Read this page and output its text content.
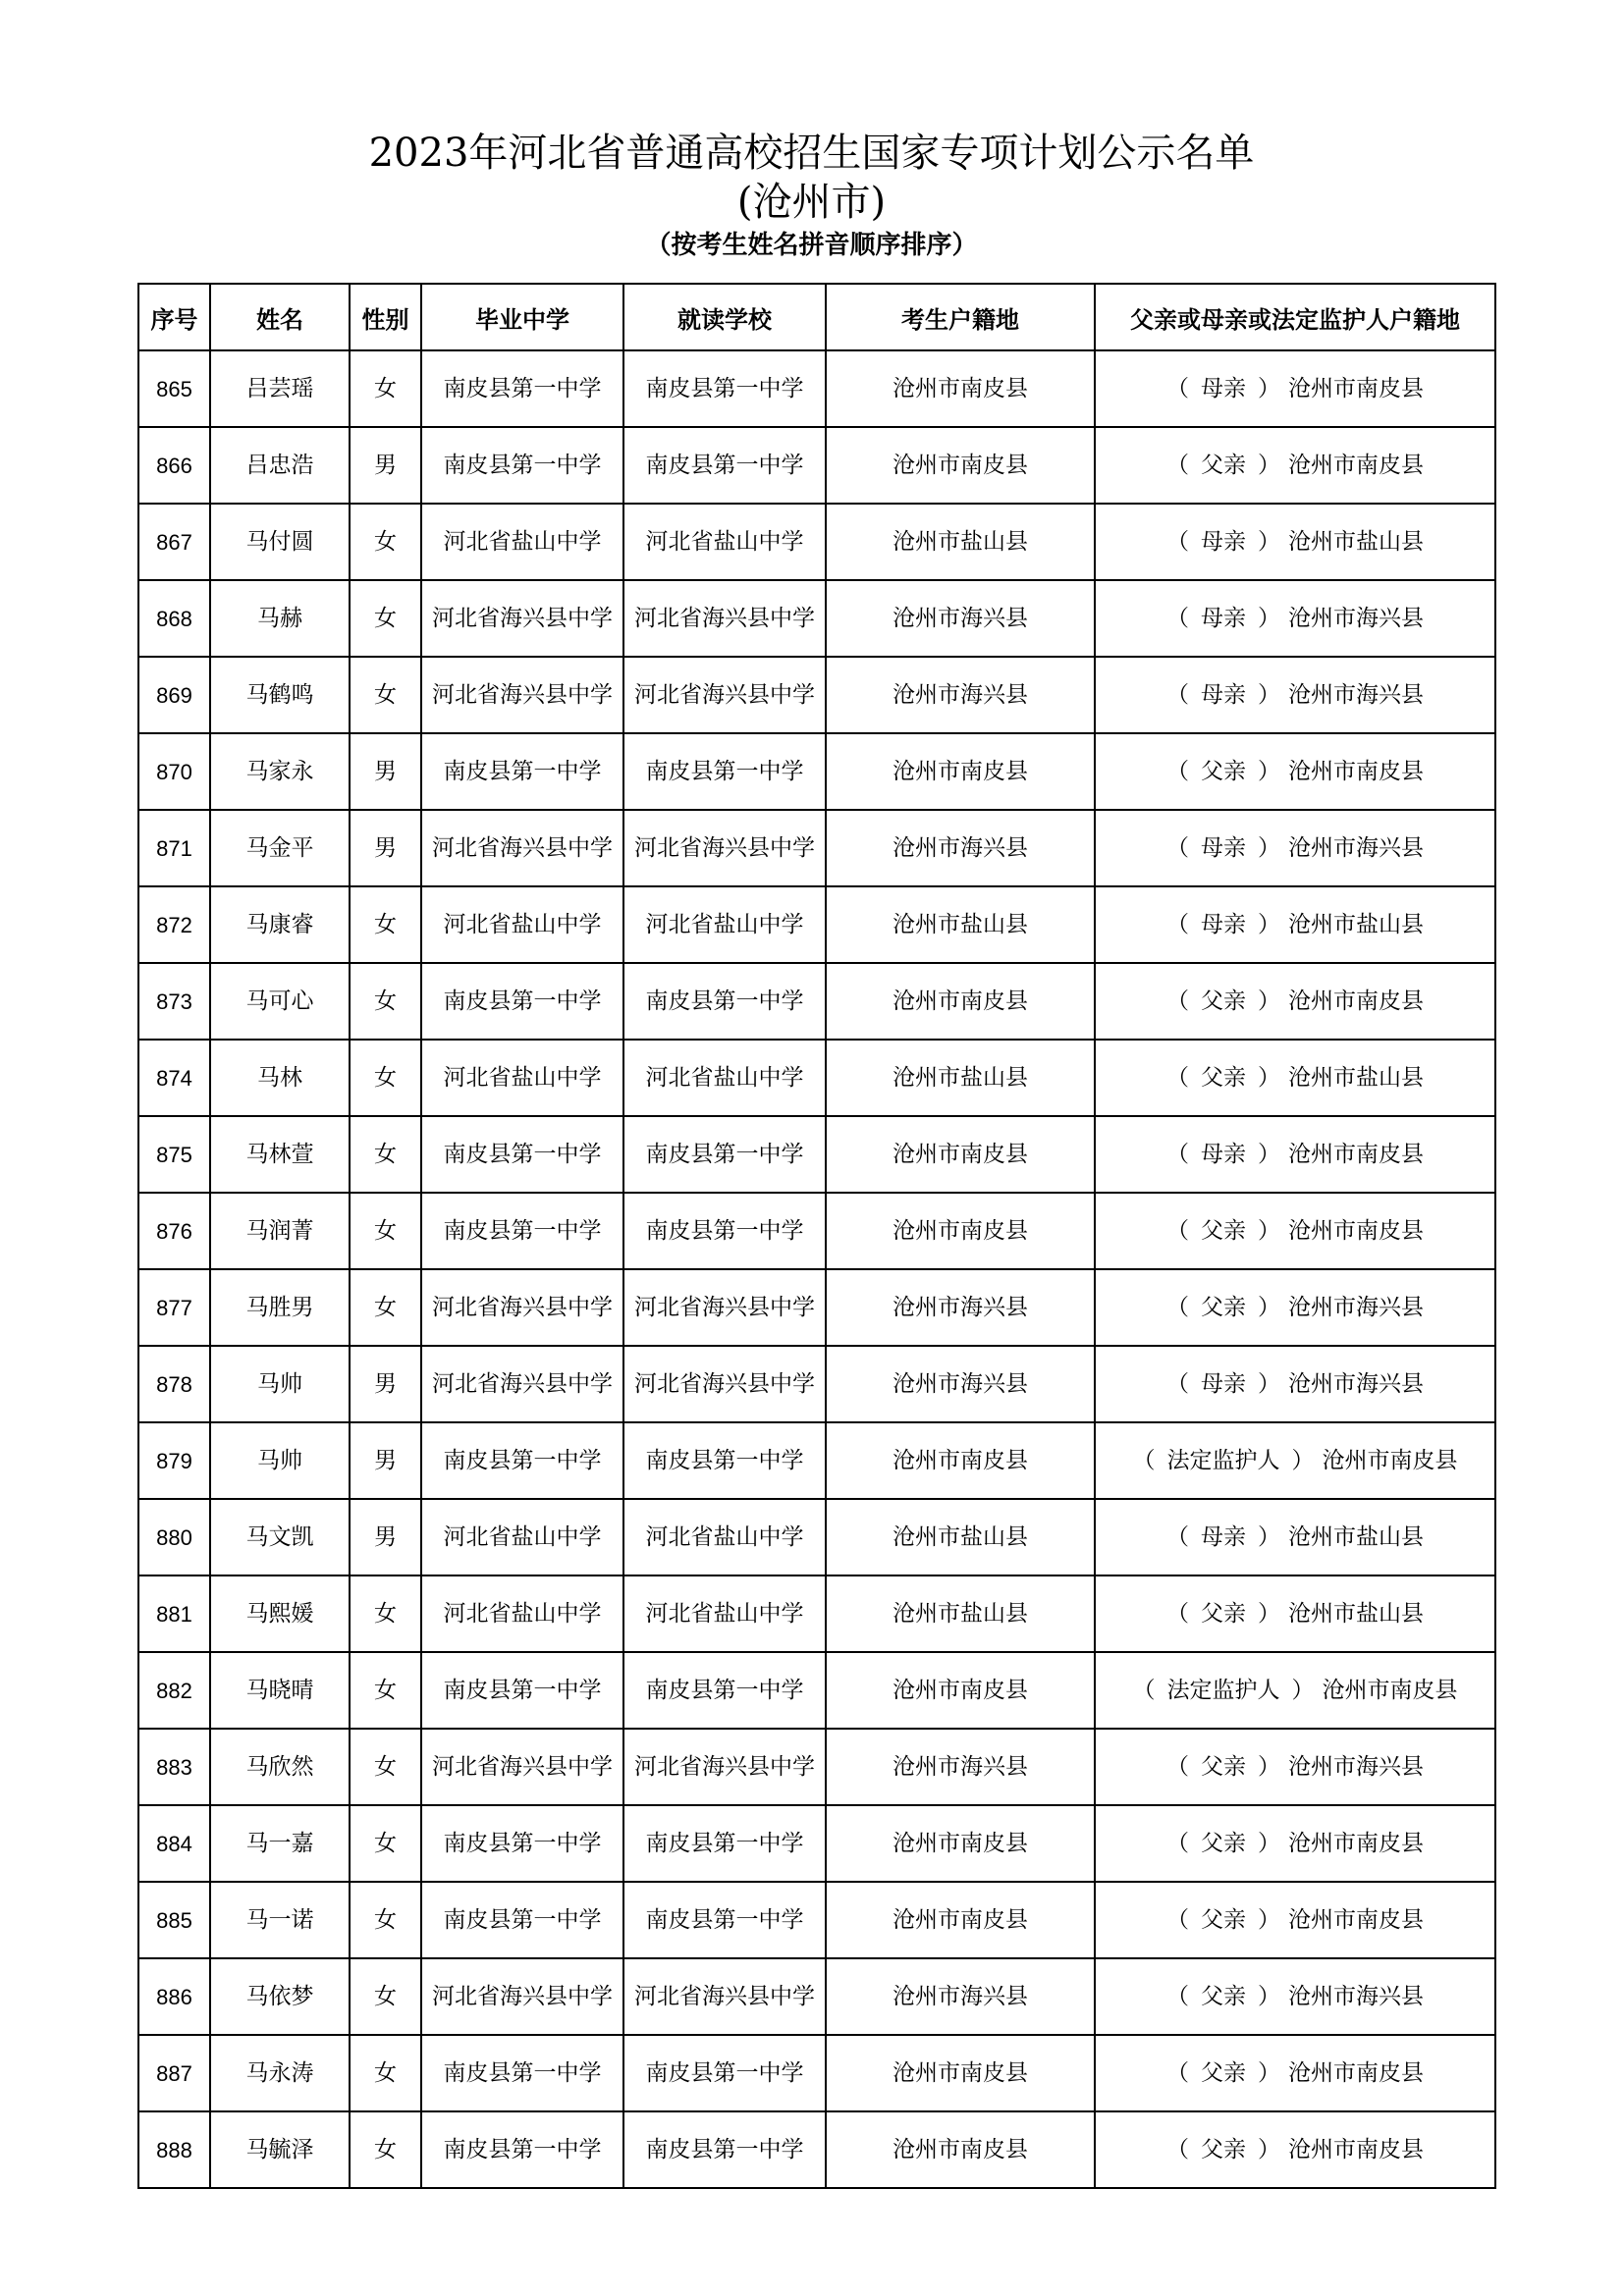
2023年河北省普通高校招生国家专项计划公示名单
(沧州市)
（按考生姓名拼音顺序排序）
序号	姓名	性别	毕业中学	就读学校	考生户籍地	父亲或母亲或法定监护人户籍地
865	吕芸瑶	女	南皮县第一中学	南皮县第一中学	沧州市南皮县	（ 母亲 ） 沧州市南皮县
866	吕忠浩	男	南皮县第一中学	南皮县第一中学	沧州市南皮县	（ 父亲 ） 沧州市南皮县
867	马付圆	女	河北省盐山中学	河北省盐山中学	沧州市盐山县	（ 母亲 ） 沧州市盐山县
868	马赫	女	河北省海兴县中学	河北省海兴县中学	沧州市海兴县	（ 母亲 ） 沧州市海兴县
869	马鹤鸣	女	河北省海兴县中学	河北省海兴县中学	沧州市海兴县	（ 母亲 ） 沧州市海兴县
870	马家永	男	南皮县第一中学	南皮县第一中学	沧州市南皮县	（ 父亲 ） 沧州市南皮县
871	马金平	男	河北省海兴县中学	河北省海兴县中学	沧州市海兴县	（ 母亲 ） 沧州市海兴县
872	马康睿	女	河北省盐山中学	河北省盐山中学	沧州市盐山县	（ 母亲 ） 沧州市盐山县
873	马可心	女	南皮县第一中学	南皮县第一中学	沧州市南皮县	（ 父亲 ） 沧州市南皮县
874	马林	女	河北省盐山中学	河北省盐山中学	沧州市盐山县	（ 父亲 ） 沧州市盐山县
875	马林萱	女	南皮县第一中学	南皮县第一中学	沧州市南皮县	（ 母亲 ） 沧州市南皮县
876	马润菁	女	南皮县第一中学	南皮县第一中学	沧州市南皮县	（ 父亲 ） 沧州市南皮县
877	马胜男	女	河北省海兴县中学	河北省海兴县中学	沧州市海兴县	（ 父亲 ） 沧州市海兴县
878	马帅	男	河北省海兴县中学	河北省海兴县中学	沧州市海兴县	（ 母亲 ） 沧州市海兴县
879	马帅	男	南皮县第一中学	南皮县第一中学	沧州市南皮县	（ 法定监护人 ） 沧州市南皮县
880	马文凯	男	河北省盐山中学	河北省盐山中学	沧州市盐山县	（ 母亲 ） 沧州市盐山县
881	马熙媛	女	河北省盐山中学	河北省盐山中学	沧州市盐山县	（ 父亲 ） 沧州市盐山县
882	马晓晴	女	南皮县第一中学	南皮县第一中学	沧州市南皮县	（ 法定监护人 ） 沧州市南皮县
883	马欣然	女	河北省海兴县中学	河北省海兴县中学	沧州市海兴县	（ 父亲 ） 沧州市海兴县
884	马一嘉	女	南皮县第一中学	南皮县第一中学	沧州市南皮县	（ 父亲 ） 沧州市南皮县
885	马一诺	女	南皮县第一中学	南皮县第一中学	沧州市南皮县	（ 父亲 ） 沧州市南皮县
886	马依梦	女	河北省海兴县中学	河北省海兴县中学	沧州市海兴县	（ 父亲 ） 沧州市海兴县
887	马永涛	女	南皮县第一中学	南皮县第一中学	沧州市南皮县	（ 父亲 ） 沧州市南皮县
888	马毓泽	女	南皮县第一中学	南皮县第一中学	沧州市南皮县	（ 父亲 ） 沧州市南皮县
